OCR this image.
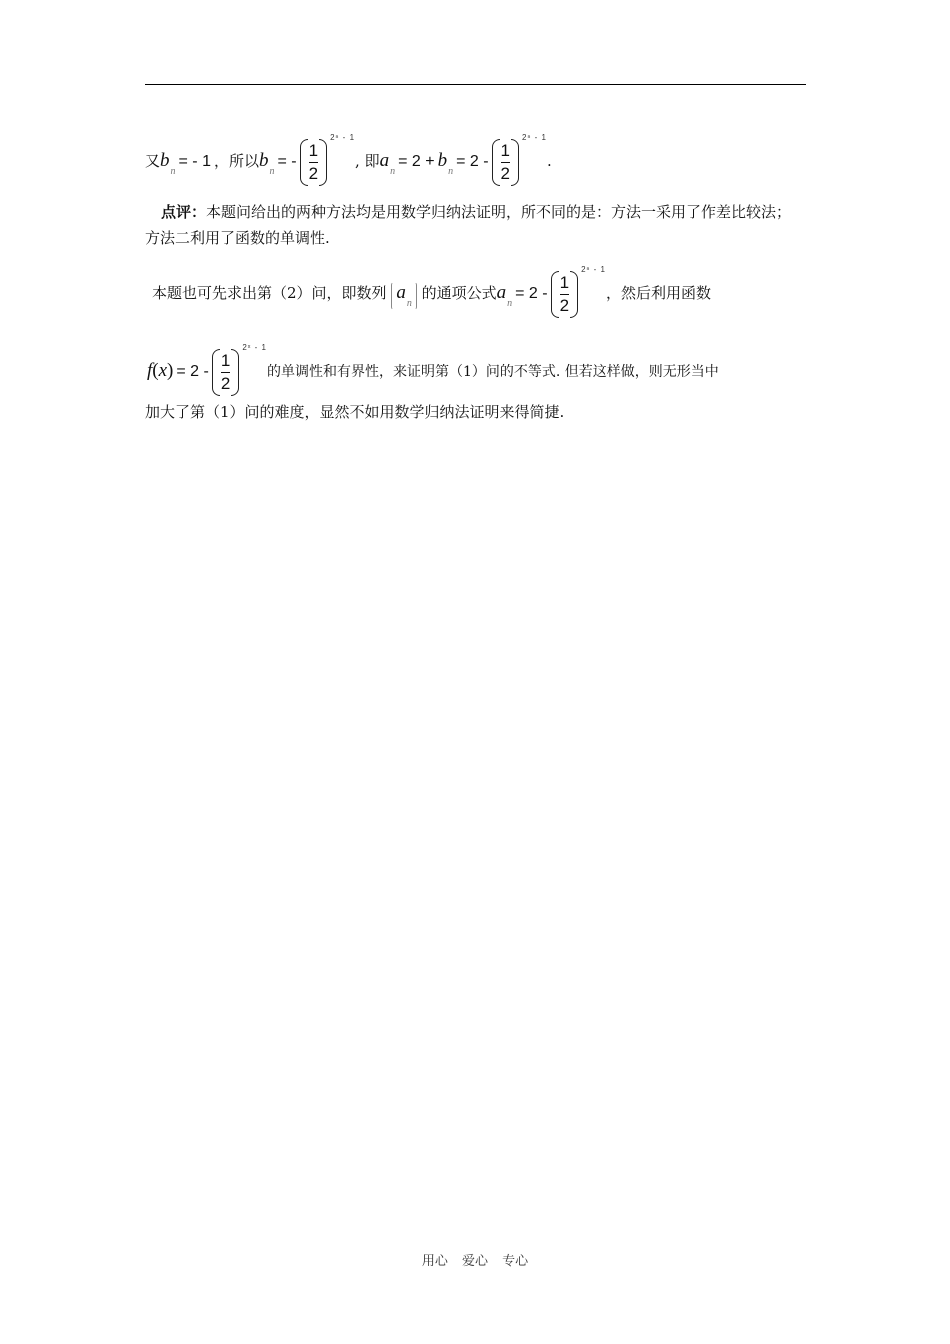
又$b_n= - 1$ ，所以$b_n= - \frac{1}{2}$
$^{2^n - 1}$, 即$a_n= 2 + b_n= 2 - \frac{1}{2}$
$^{2^n - 1}$.
点评：本题问给出的两种方法均是用数学归纳法证明，所不同的是：方法一采用了作差比较法；方法二利用了函数的单调性.
本题也可先求出第（2）问，即数列 $a_n$ 的通项公式$a_n= 2 - \frac{1}{2}$
$^{2^n - 1}$，然后利用函数
$f(x) = 2 - \frac{1}{2}$
$^{2ˣ - 1}$的单调性和有界性，来证明第（1）问的不等式. 但若这样做，则无形当中
加大了第（1）问的难度，显然不如用数学归纳法证明来得简捷.
用心 爱心 专心
